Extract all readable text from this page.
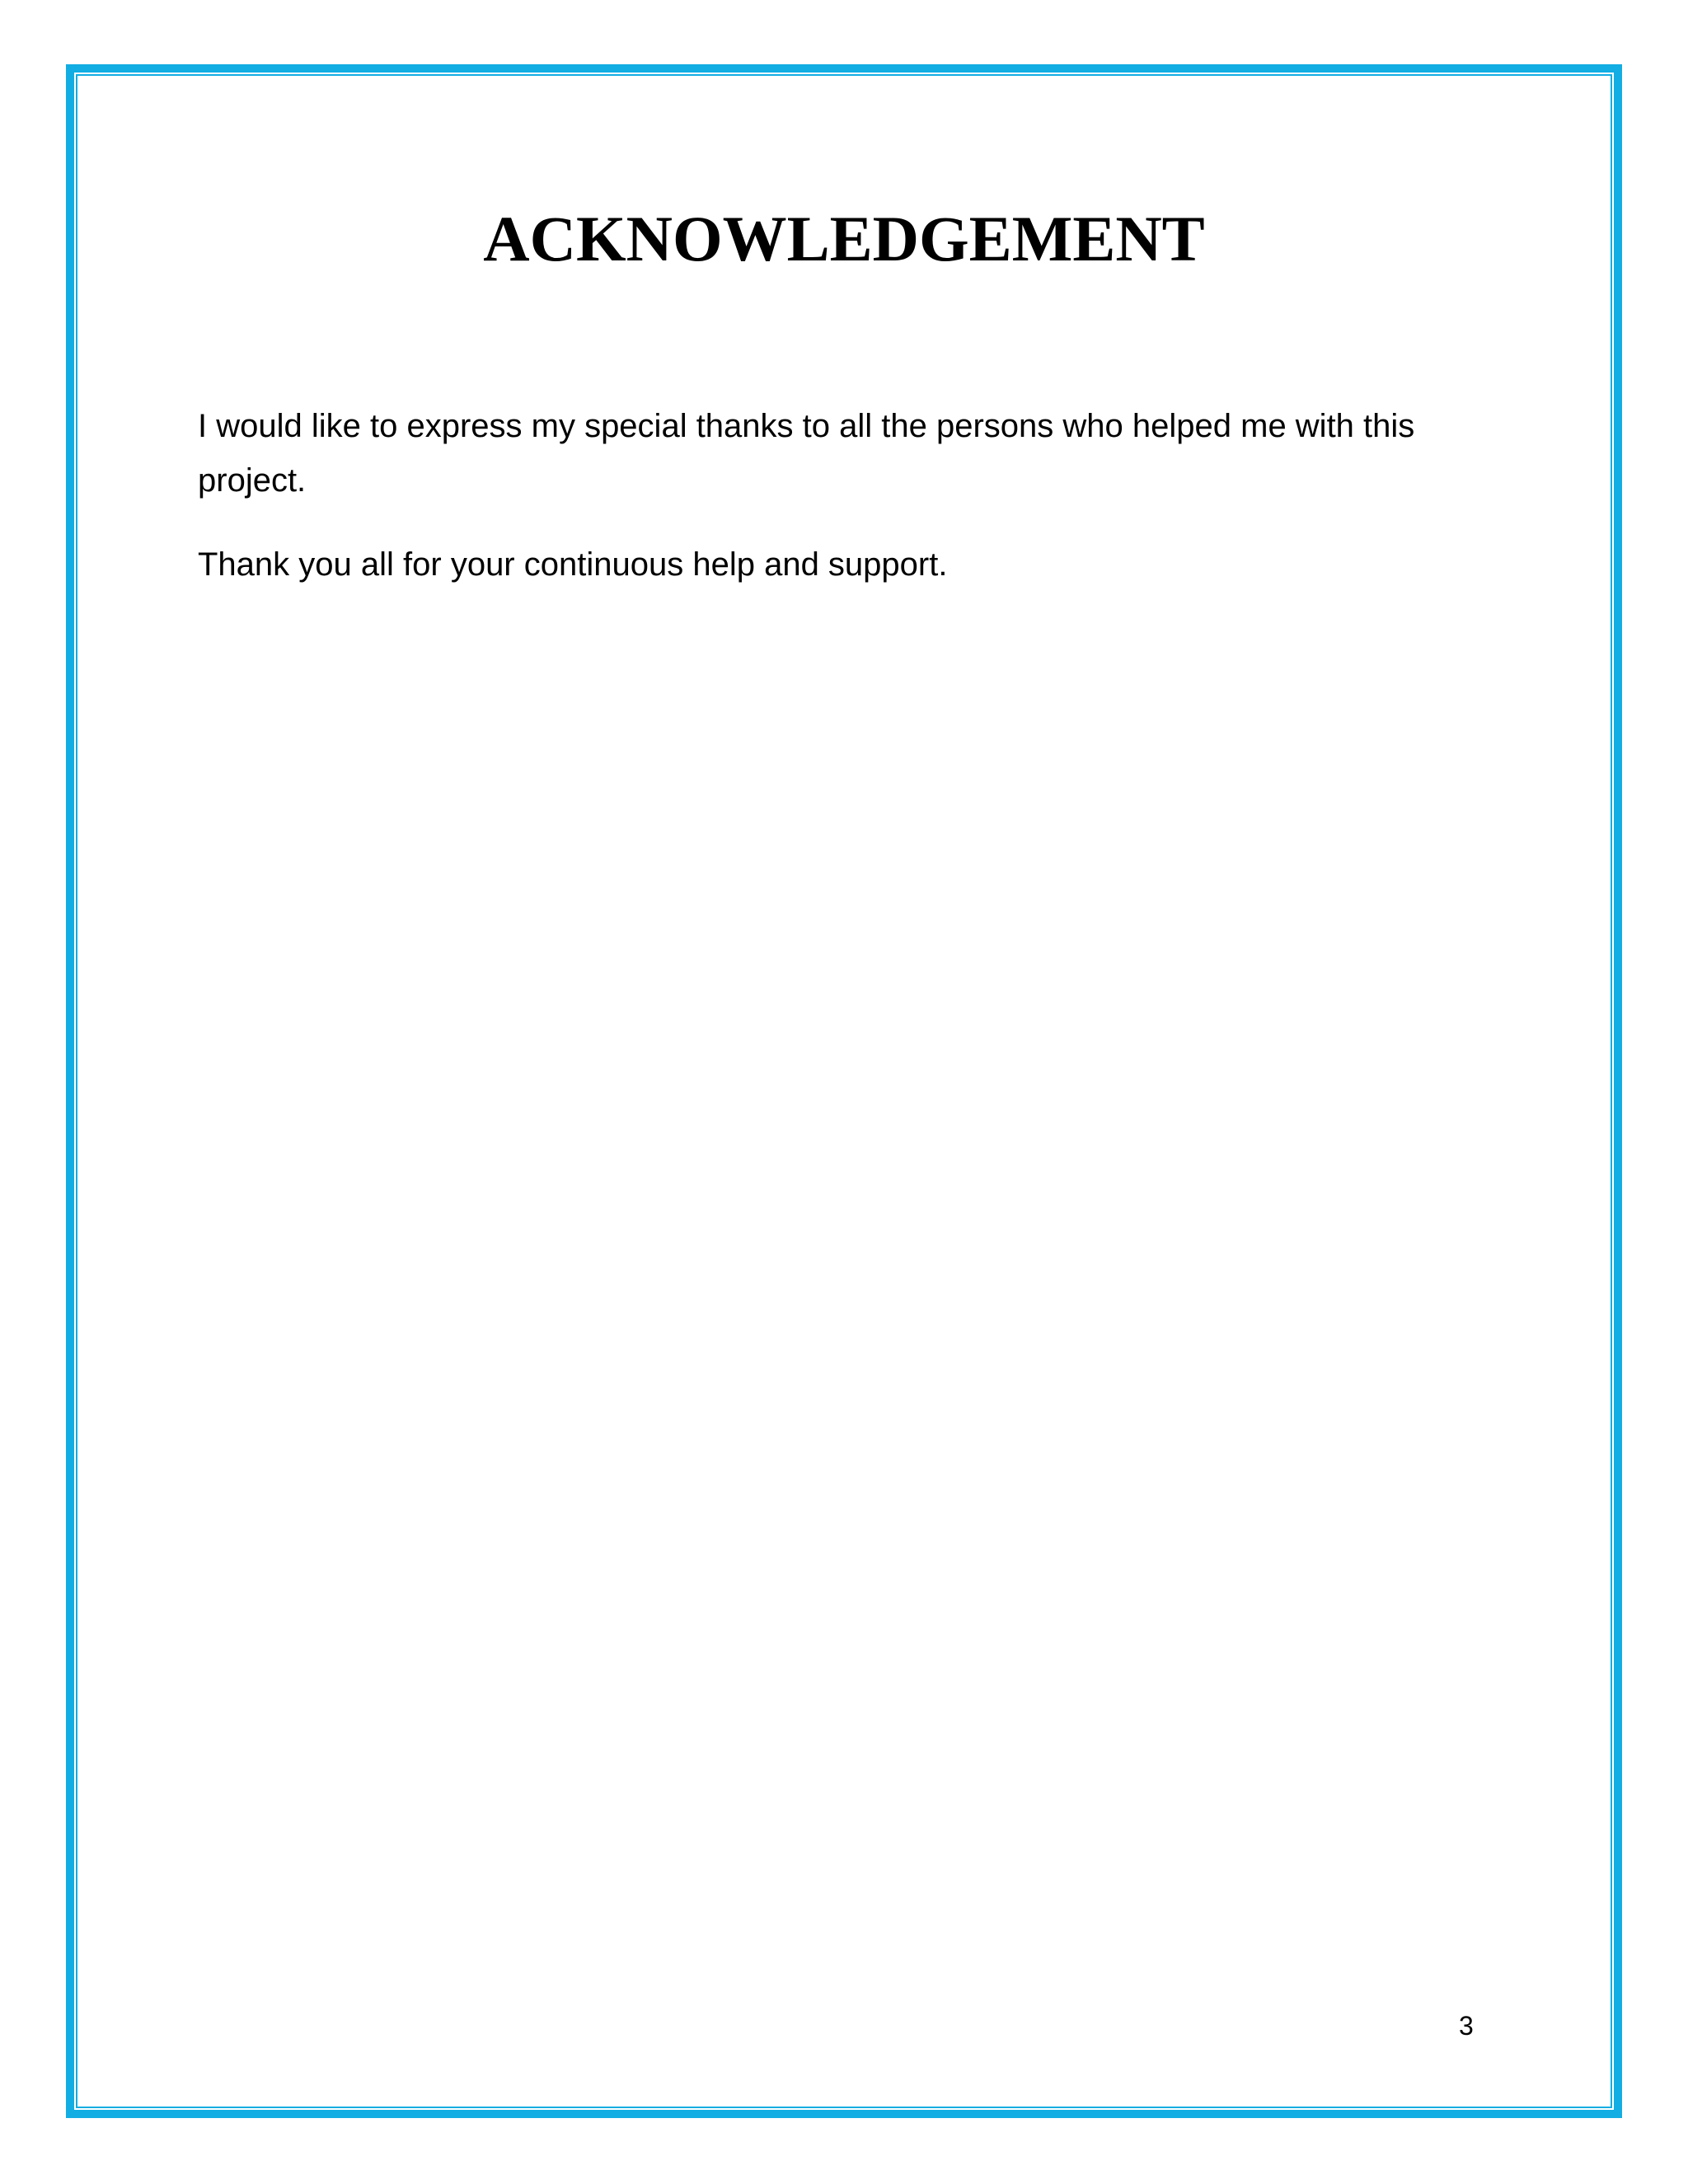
ACKNOWLEDGEMENT

I would like to express my special thanks to all the persons who helped me with this project.

Thank you all for your continuous help and support.

3
